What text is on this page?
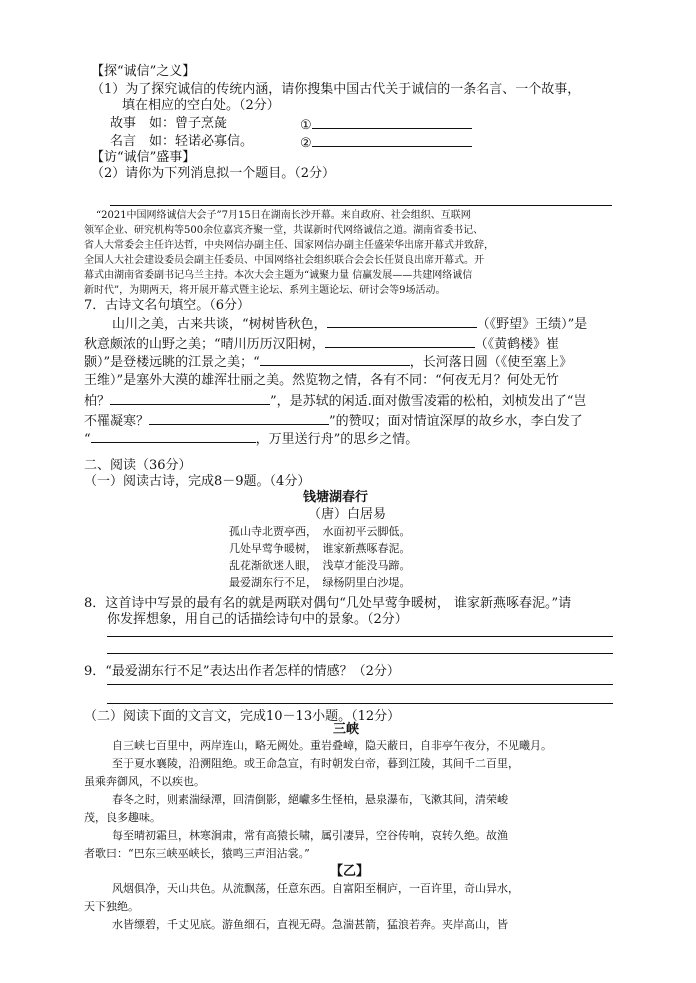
【探“诚信”之义】
（1）为了探究诚信的传统内涵，请你搜集中国古代关于诚信的一条名言、一个故事，
填在相应的空白处。（2分）
故事　如：曾子烹彘	①
名言　如：轻诺必寡信。	②
【访“诚信”盛事】
（2）请你为下列消息拟一个题目。（2分）
“2021中国网络诚信大会子”7月15日在湖南长沙开幕。来自政府、社会组织、互联网
领军企业、研究机构等500余位嘉宾齐聚一堂，共谋新时代网络诚信之道。湖南省委书记、
省人大常委会主任许达哲，中央网信办副主任、国家网信办副主任盛荣华出席开幕式并致辞，
全国人大社会建设委员会副主任委员、中国网络社会组织联合会会长任贤良出席开幕式。开
幕式由湖南省委副书记乌兰主持。本次大会主题为“诚聚力量 信赢发展——共建网络诚信
新时代”，为期两天，将开展开幕式暨主论坛、系列主题论坛、研讨会等9场活动。
7．古诗文名句填空。（6分）
山川之美，古来共谈，“树树皆秋色，	（《野望》王绩）”是
秋意颇浓的山野之美；“晴川历历汉阳树，	（《黄鹤楼》崔
颢）”是登楼远眺的江景之美；“	，长河落日圆（《使至塞上》
王维）”是塞外大漠的雄浑壮丽之美。然览物之情，各有不同：“何夜无月？何处无竹
柏？	”，是苏轼的闲适.面对傲雪凌霜的松柏，刘桢发出了“岂
不罹凝寒？	”的赞叹；面对情谊深厚的故乡水，李白发了
“	，万里送行舟”的思乡之情。
二、阅读（36分）
（一）阅读古诗，完成8－9题。（4分）
钱塘湖春行
（唐）白居易
孤山寺北贾亭西，　水面初平云脚低。
几处早莺争暖树，　谁家新燕啄春泥。
乱花渐欲迷人眼，　浅草才能没马蹄。
最爱湖东行不足，　绿杨阴里白沙堤。
8．这首诗中写景的最有名的就是两联对偶句“几处早莺争暖树， 谁家新燕啄春泥。”请
你发挥想象，用自己的话描绘诗句中的景象。（2分）
9．“最爱湖东行不足”表达出作者怎样的情感？（2分）
（二）阅读下面的文言文，完成10－13小题。（12分）
三峡
自三峡七百里中，两岸连山，略无阙处。重岩叠嶂，隐天蔽日，自非亭午夜分，不见曦月。
至于夏水襄陵，沿溯阻绝。或王命急宣，有时朝发白帝，暮到江陵，其间千二百里，
虽乘奔御风，不以疾也。
春冬之时，则素湍绿潭，回清倒影，絕巘多生怪柏，悬泉瀑布，飞漱其间，清荣峻
茂，良多趣味。
每至晴初霜旦，林寒涧肃，常有高猿长啸，属引凄异，空谷传响，哀转久绝。故渔
者歌曰：“巴东三峡巫峡长，猿鸣三声泪沾裳。”
【乙】
风烟俱净，天山共色。从流飘荡，任意东西。自富阳至桐庐，一百许里，奇山异水，
天下独绝。
水皆缥碧，千丈见底。游鱼细石，直视无碍。急湍甚箭，猛浪若奔。夹岸高山，皆
